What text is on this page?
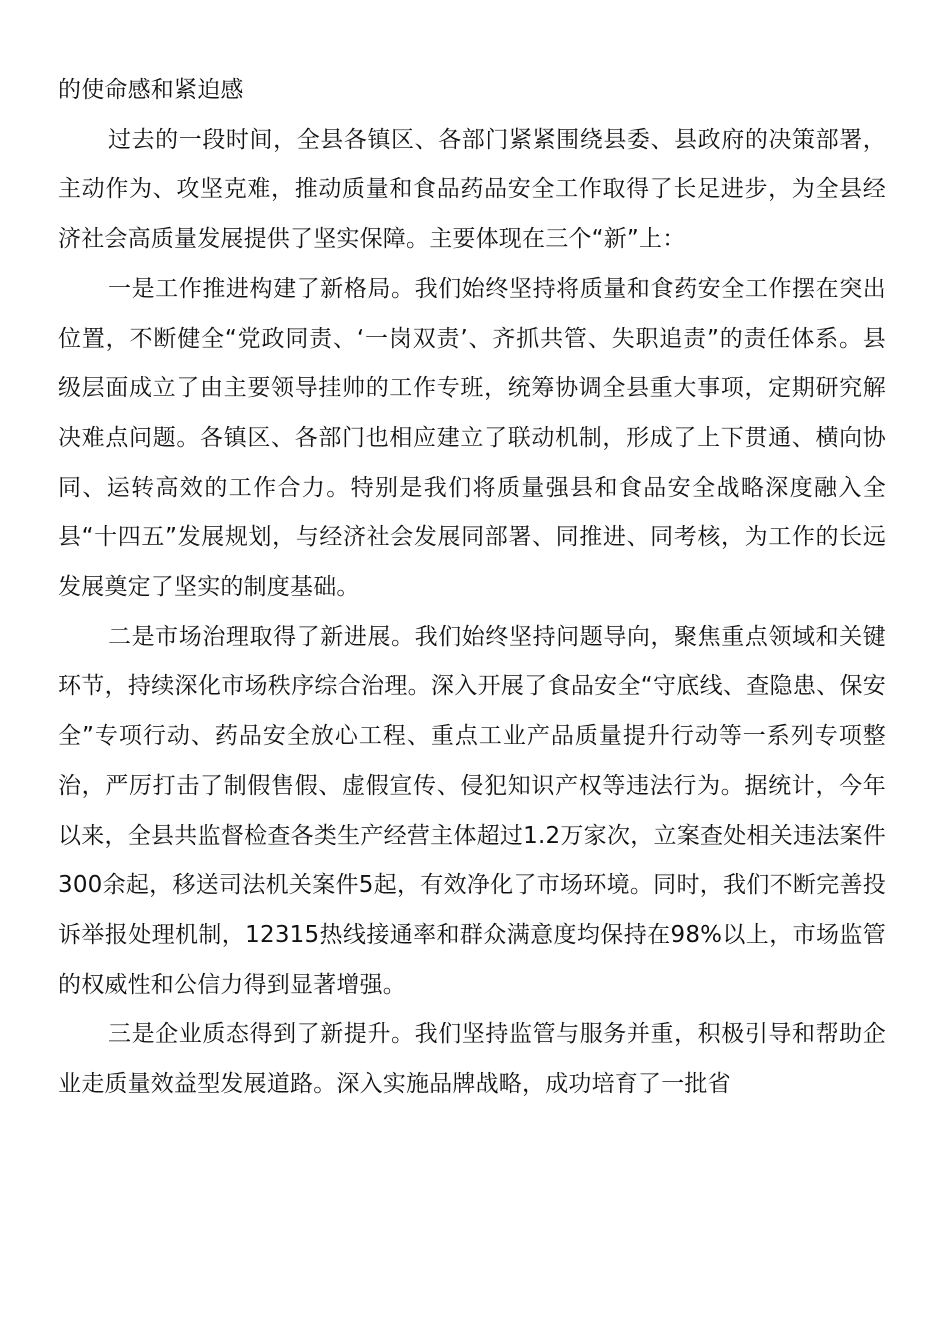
的使命感和紧迫感

过去的一段时间，全县各镇区、各部门紧紧围绕县委、县政府的决策部署，主动作为、攻坚克难，推动质量和食品药品安全工作取得了长足进步，为全县经济社会高质量发展提供了坚实保障。主要体现在三个“新”上：

一是工作推进构建了新格局。我们始终坚持将质量和食药安全工作摆在突出位置，不断健全“党政同责、‘一岗双责’、齐抓共管、失职追责”的责任体系。县级层面成立了由主要领导挂帅的工作专班，统筹协调全县重大事项，定期研究解决难点问题。各镇区、各部门也相应建立了联动机制，形成了上下贯通、横向协同、运转高效的工作合力。特别是我们将质量强县和食品安全战略深度融入全县“十四五”发展规划，与经济社会发展同部署、同推进、同考核，为工作的长远发展奠定了坚实的制度基础。

二是市场治理取得了新进展。我们始终坚持问题导向，聚焦重点领域和关键环节，持续深化市场秩序综合治理。深入开展了食品安全“守底线、查隐患、保安全”专项行动、药品安全放心工程、重点工业产品质量提升行动等一系列专项整治，严厉打击了制假售假、虚假宣传、侵犯知识产权等违法行为。据统计，今年以来，全县共监督检查各类生产经营主体超过1.2万家次，立案查处相关违法案件300余起，移送司法机关案件5起，有效净化了市场环境。同时，我们不断完善投诉举报处理机制，12315热线接通率和群众满意度均保持在98%以上，市场监管的权威性和公信力得到显著增强。

三是企业质态得到了新提升。我们坚持监管与服务并重，积极引导和帮助企业走质量效益型发展道路。深入实施品牌战略，成功培育了一批省
